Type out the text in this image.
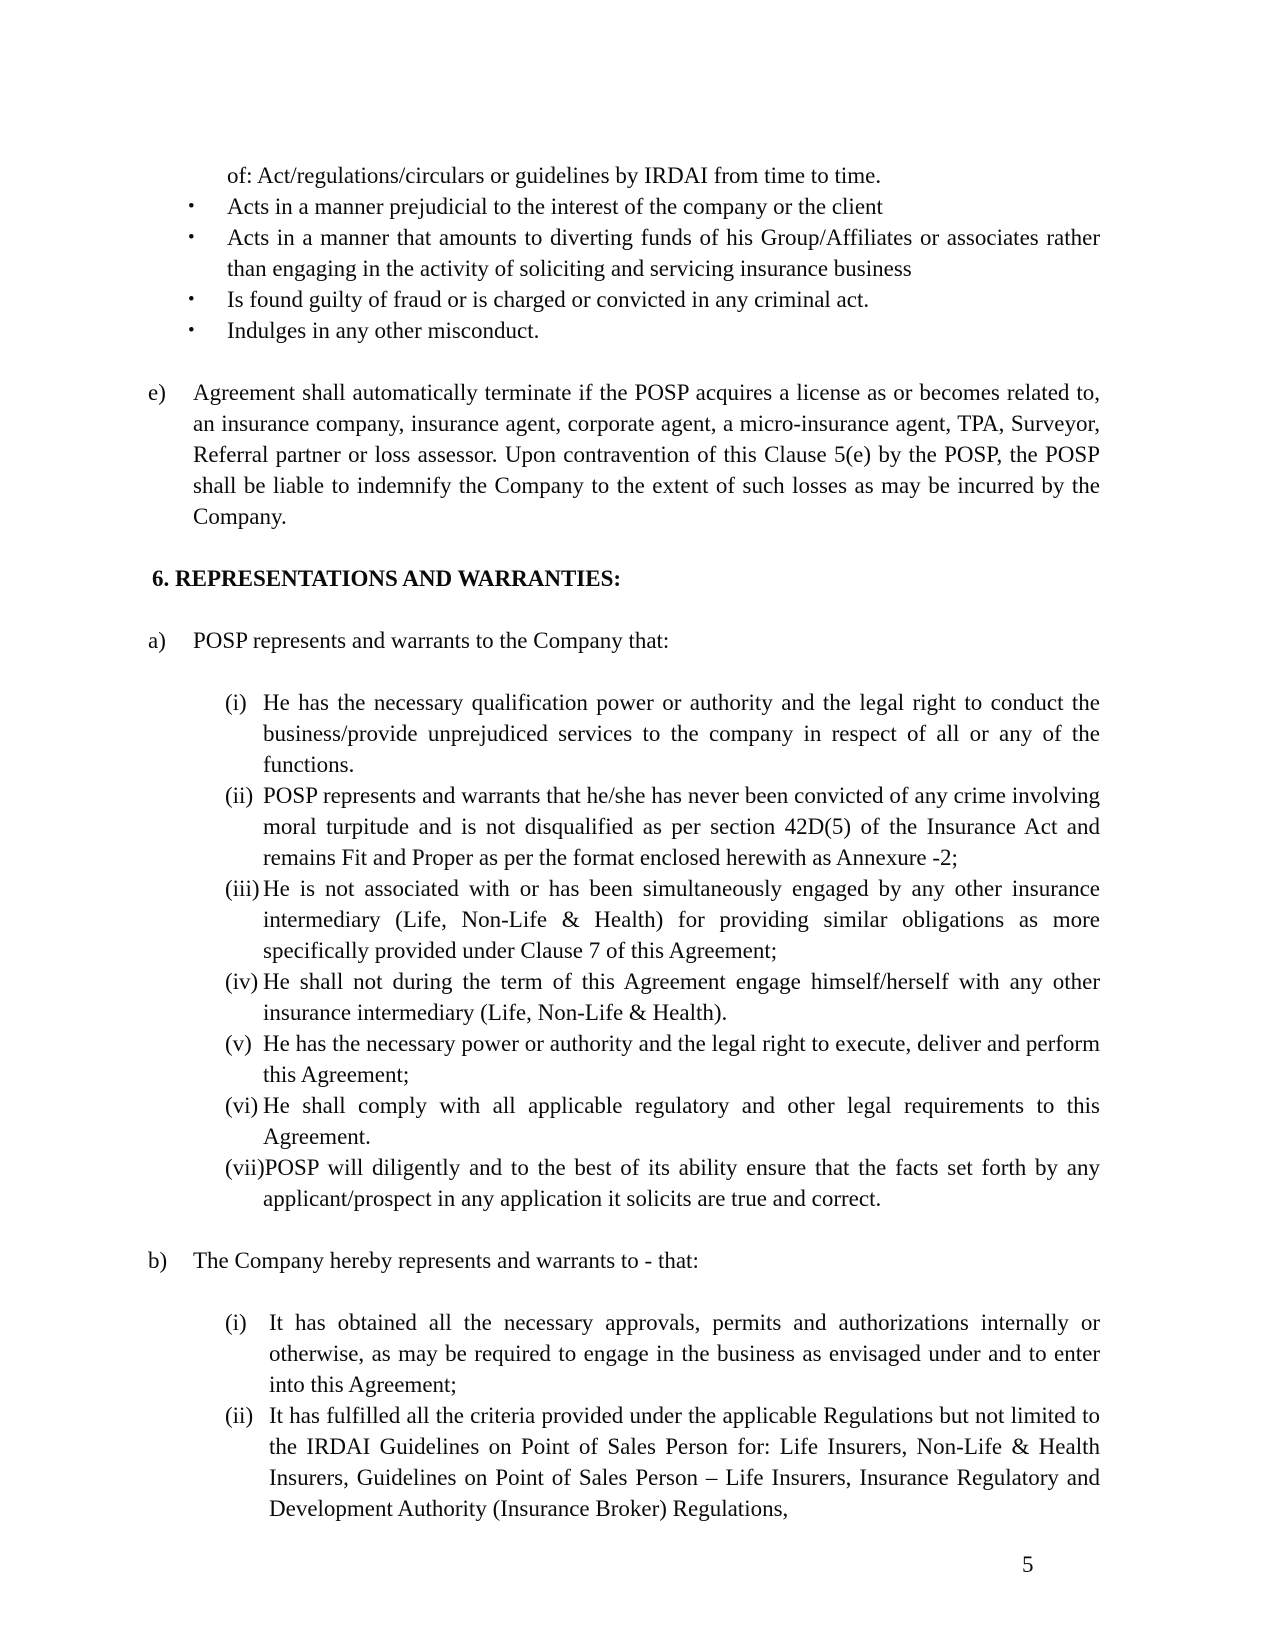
of: Act/regulations/circulars or guidelines by IRDAI from time to time.
• Acts in a manner prejudicial to the interest of the company or the client
• Acts in a manner that amounts to diverting funds of his Group/Affiliates or associates rather than engaging in the activity of soliciting and servicing insurance business
• Is found guilty of fraud or is charged or convicted in any criminal act.
• Indulges in any other misconduct.
e) Agreement shall automatically terminate if the POSP acquires a license as or becomes related to, an insurance company, insurance agent, corporate agent, a micro-insurance agent, TPA, Surveyor, Referral partner or loss assessor. Upon contravention of this Clause 5(e) by the POSP, the POSP shall be liable to indemnify the Company to the extent of such losses as may be incurred by the Company.
6. REPRESENTATIONS AND WARRANTIES:
a) POSP represents and warrants to the Company that:
(i) He has the necessary qualification power or authority and the legal right to conduct the business/provide unprejudiced services to the company in respect of all or any of the functions.
(ii) POSP represents and warrants that he/she has never been convicted of any crime involving moral turpitude and is not disqualified as per section 42D(5) of the Insurance Act and remains Fit and Proper as per the format enclosed herewith as Annexure -2;
(iii) He is not associated with or has been simultaneously engaged by any other insurance intermediary (Life, Non-Life & Health) for providing similar obligations as more specifically provided under Clause 7 of this Agreement;
(iv) He shall not during the term of this Agreement engage himself/herself with any other insurance intermediary (Life, Non-Life & Health).
(v) He has the necessary power or authority and the legal right to execute, deliver and perform this Agreement;
(vi) He shall comply with all applicable regulatory and other legal requirements to this Agreement.
(vii)POSP will diligently and to the best of its ability ensure that the facts set forth by any applicant/prospect in any application it solicits are true and correct.
b) The Company hereby represents and warrants to - that:
(i) It has obtained all the necessary approvals, permits and authorizations internally or otherwise, as may be required to engage in the business as envisaged under and to enter into this Agreement;
(ii) It has fulfilled all the criteria provided under the applicable Regulations but not limited to the IRDAI Guidelines on Point of Sales Person for: Life Insurers, Non-Life & Health Insurers, Guidelines on Point of Sales Person – Life Insurers, Insurance Regulatory and Development Authority (Insurance Broker) Regulations,
5
